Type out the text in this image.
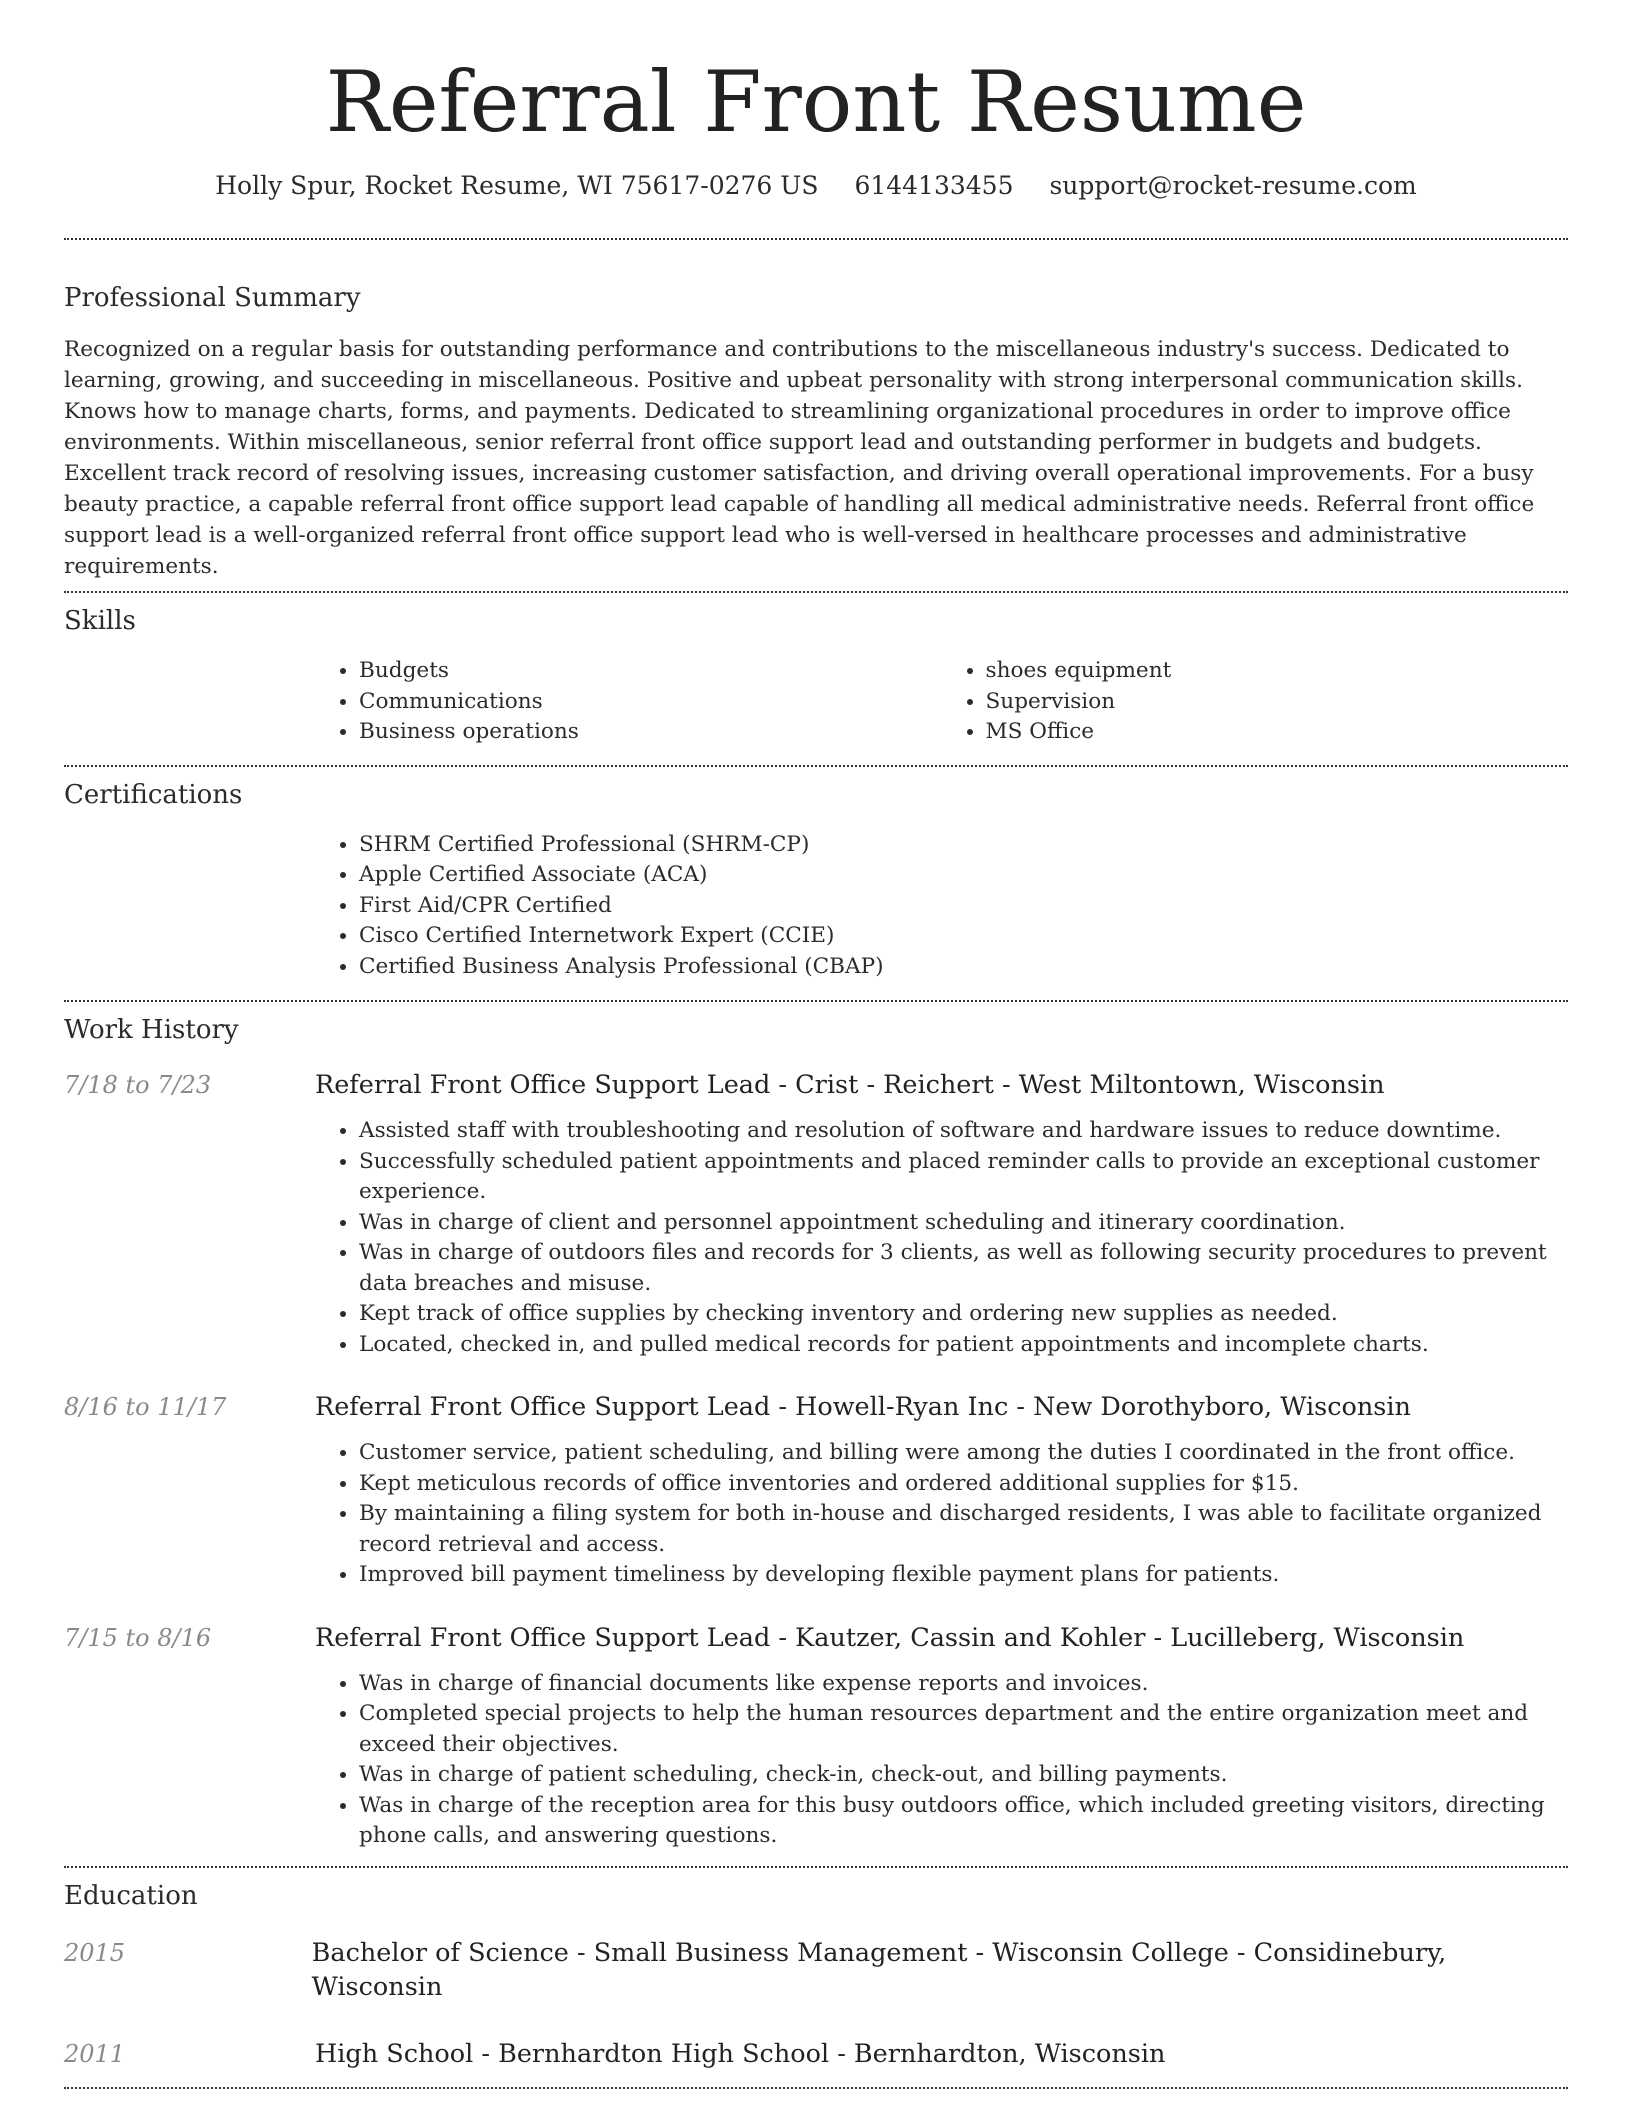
Referral Front Resume
Holly Spur, Rocket Resume, WI 75617-0276 US 6144133455 support@rocket-resume.com
Professional Summary

Recognized on a regular basis for outstanding performance and contributions to the miscellaneous industry's success. Dedicated to learning, growing, and succeeding in miscellaneous. Positive and upbeat personality with strong interpersonal communication skills. Knows how to manage charts, forms, and payments. Dedicated to streamlining organizational procedures in order to improve office environments. Within miscellaneous, senior referral front office support lead and outstanding performer in budgets and budgets. Excellent track record of resolving issues, increasing customer satisfaction, and driving overall operational improvements. For a busy beauty practice, a capable referral front office support lead capable of handling all medical administrative needs. Referral front office support lead is a well-organized referral front office support lead who is well-versed in healthcare processes and administrative requirements.

Skills
• Budgets
• Communications
• Business operations
• shoes equipment
• Supervision
• MS Office
Certifications
• SHRM Certified Professional (SHRM-CP)
• Apple Certified Associate (ACA)
• First Aid/CPR Certified
• Cisco Certified Internetwork Expert (CCIE)
• Certified Business Analysis Professional (CBAP)
Work History
7/18 to 7/23	Referral Front Office Support Lead - Crist - Reichert - West Miltontown, Wisconsin
• Assisted staff with troubleshooting and resolution of software and hardware issues to reduce downtime.
• Successfully scheduled patient appointments and placed reminder calls to provide an exceptional customer experience.
• Was in charge of client and personnel appointment scheduling and itinerary coordination.
• Was in charge of outdoors files and records for 3 clients, as well as following security procedures to prevent data breaches and misuse.
• Kept track of office supplies by checking inventory and ordering new supplies as needed.
• Located, checked in, and pulled medical records for patient appointments and incomplete charts.
8/16 to 11/17	Referral Front Office Support Lead - Howell-Ryan Inc - New Dorothyboro, Wisconsin
• Customer service, patient scheduling, and billing were among the duties I coordinated in the front office.
• Kept meticulous records of office inventories and ordered additional supplies for $15.
• By maintaining a filing system for both in-house and discharged residents, I was able to facilitate organized record retrieval and access.
• Improved bill payment timeliness by developing flexible payment plans for patients.
7/15 to 8/16	Referral Front Office Support Lead - Kautzer, Cassin and Kohler - Lucilleberg, Wisconsin
• Was in charge of financial documents like expense reports and invoices.
• Completed special projects to help the human resources department and the entire organization meet and exceed their objectives.
• Was in charge of patient scheduling, check-in, check-out, and billing payments.
• Was in charge of the reception area for this busy outdoors office, which included greeting visitors, directing phone calls, and answering questions.
Education
2015	Bachelor of Science - Small Business Management - Wisconsin College - Considinebury, Wisconsin
2011	High School - Bernhardton High School - Bernhardton, Wisconsin
